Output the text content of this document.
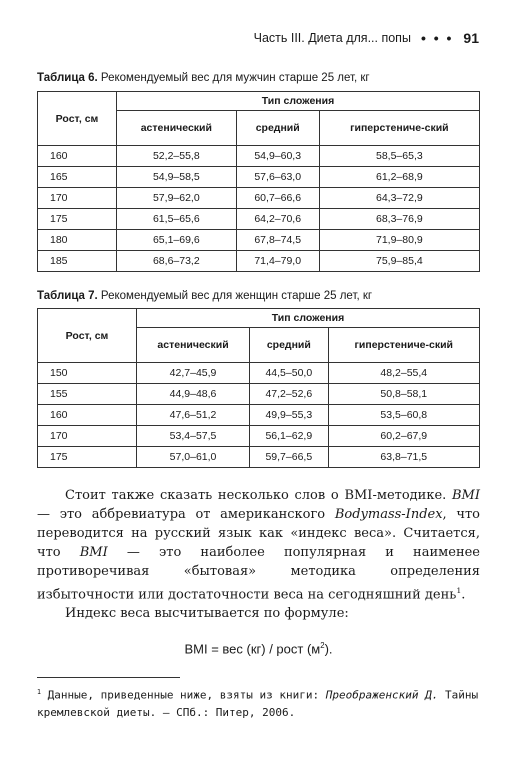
Часть III. Диета для... попы • • • 91
Таблица 6. Рекомендуемый вес для мужчин старше 25 лет, кг
Рост, см	Тип сложения		
	астенический	средний	гиперстениче-ский
160	52,2–55,8	54,9–60,3	58,5–65,3
165	54,9–58,5	57,6–63,0	61,2–68,9
170	57,9–62,0	60,7–66,6	64,3–72,9
175	61,5–65,6	64,2–70,6	68,3–76,9
180	65,1–69,6	67,8–74,5	71,9–80,9
185	68,6–73,2	71,4–79,0	75,9–85,4
Таблица 7. Рекомендуемый вес для женщин старше 25 лет, кг
Рост, см	Тип сложения		
	астенический	средний	гиперстениче-ский
150	42,7–45,9	44,5–50,0	48,2–55,4
155	44,9–48,6	47,2–52,6	50,8–58,1
160	47,6–51,2	49,9–55,3	53,5–60,8
170	53,4–57,5	56,1–62,9	60,2–67,9
175	57,0–61,0	59,7–66,5	63,8–71,5

Стоит также сказать несколько слов о BMI-методике. BMI — это аббревиатура от американского Bodymass-Index, что переводится на русский язык как «индекс веса». Считается, что BMI — это наиболее популярная и наименее противоречивая «бытовая» методика определения избыточности или достаточности веса на сегодняшний день$^1$.

Индекс веса высчитывается по формуле:

BMI = вес (кг) / рост $(м^2)$.
$^1$ Данные, приведенные ниже, взяты из книги: Преображенский Д. Тайны кремлевской диеты. — СПб.: Питер, 2006.
